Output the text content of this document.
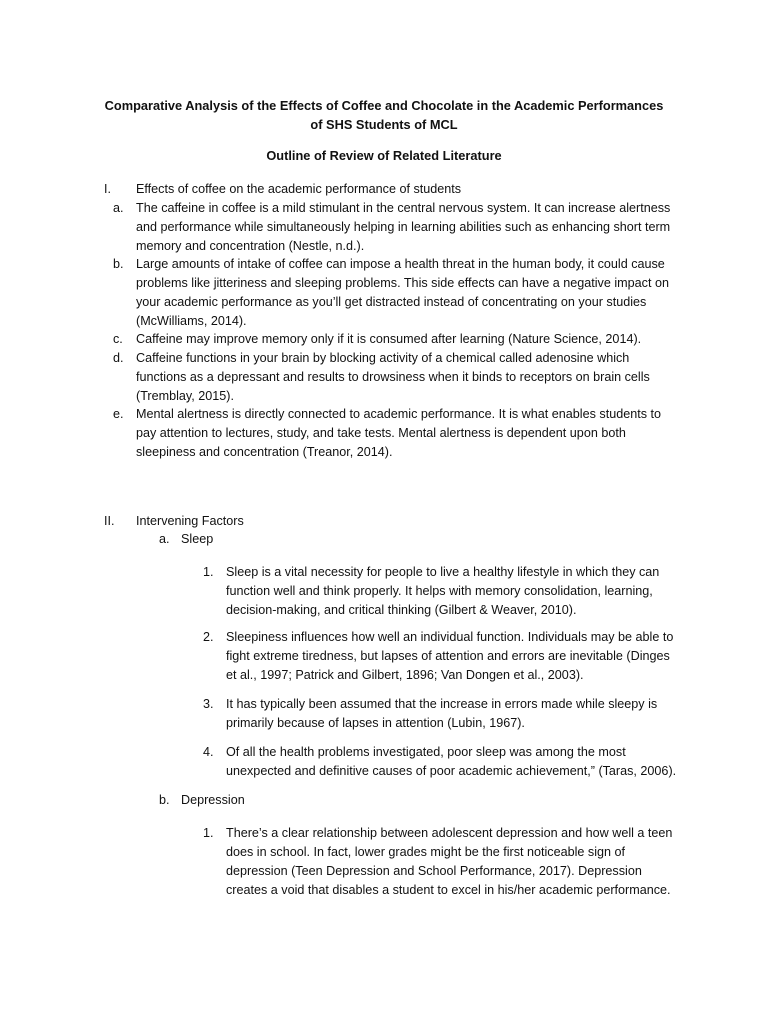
Comparative Analysis of the Effects of Coffee and Chocolate in the Academic Performances of SHS Students of MCL
Outline of Review of Related Literature
I. Effects of coffee on the academic performance of students
a. The caffeine in coffee is a mild stimulant in the central nervous system. It can increase alertness and performance while simultaneously helping in learning abilities such as enhancing short term memory and concentration (Nestle, n.d.).
b. Large amounts of intake of coffee can impose a health threat in the human body, it could cause problems like jitteriness and sleeping problems. This side effects can have a negative impact on your academic performance as you’ll get distracted instead of concentrating on your studies (McWilliams, 2014).
c. Caffeine may improve memory only if it is consumed after learning (Nature Science, 2014).
d. Caffeine functions in your brain by blocking activity of a chemical called adenosine which functions as a depressant and results to drowsiness when it binds to receptors on brain cells (Tremblay, 2015).
e. Mental alertness is directly connected to academic performance. It is what enables students to pay attention to lectures, study, and take tests. Mental alertness is dependent upon both sleepiness and concentration (Treanor, 2014).
II. Intervening Factors
a. Sleep
1. Sleep is a vital necessity for people to live a healthy lifestyle in which they can function well and think properly. It helps with memory consolidation, learning, decision-making, and critical thinking (Gilbert & Weaver, 2010).
2. Sleepiness influences how well an individual function. Individuals may be able to fight extreme tiredness, but lapses of attention and errors are inevitable (Dinges et al., 1997; Patrick and Gilbert, 1896; Van Dongen et al., 2003).
3. It has typically been assumed that the increase in errors made while sleepy is primarily because of lapses in attention (Lubin, 1967).
4. Of all the health problems investigated, poor sleep was among the most unexpected and definitive causes of poor academic achievement,” (Taras, 2006).
b. Depression
1. There’s a clear relationship between adolescent depression and how well a teen does in school. In fact, lower grades might be the first noticeable sign of depression (Teen Depression and School Performance, 2017). Depression creates a void that disables a student to excel in his/her academic performance.
